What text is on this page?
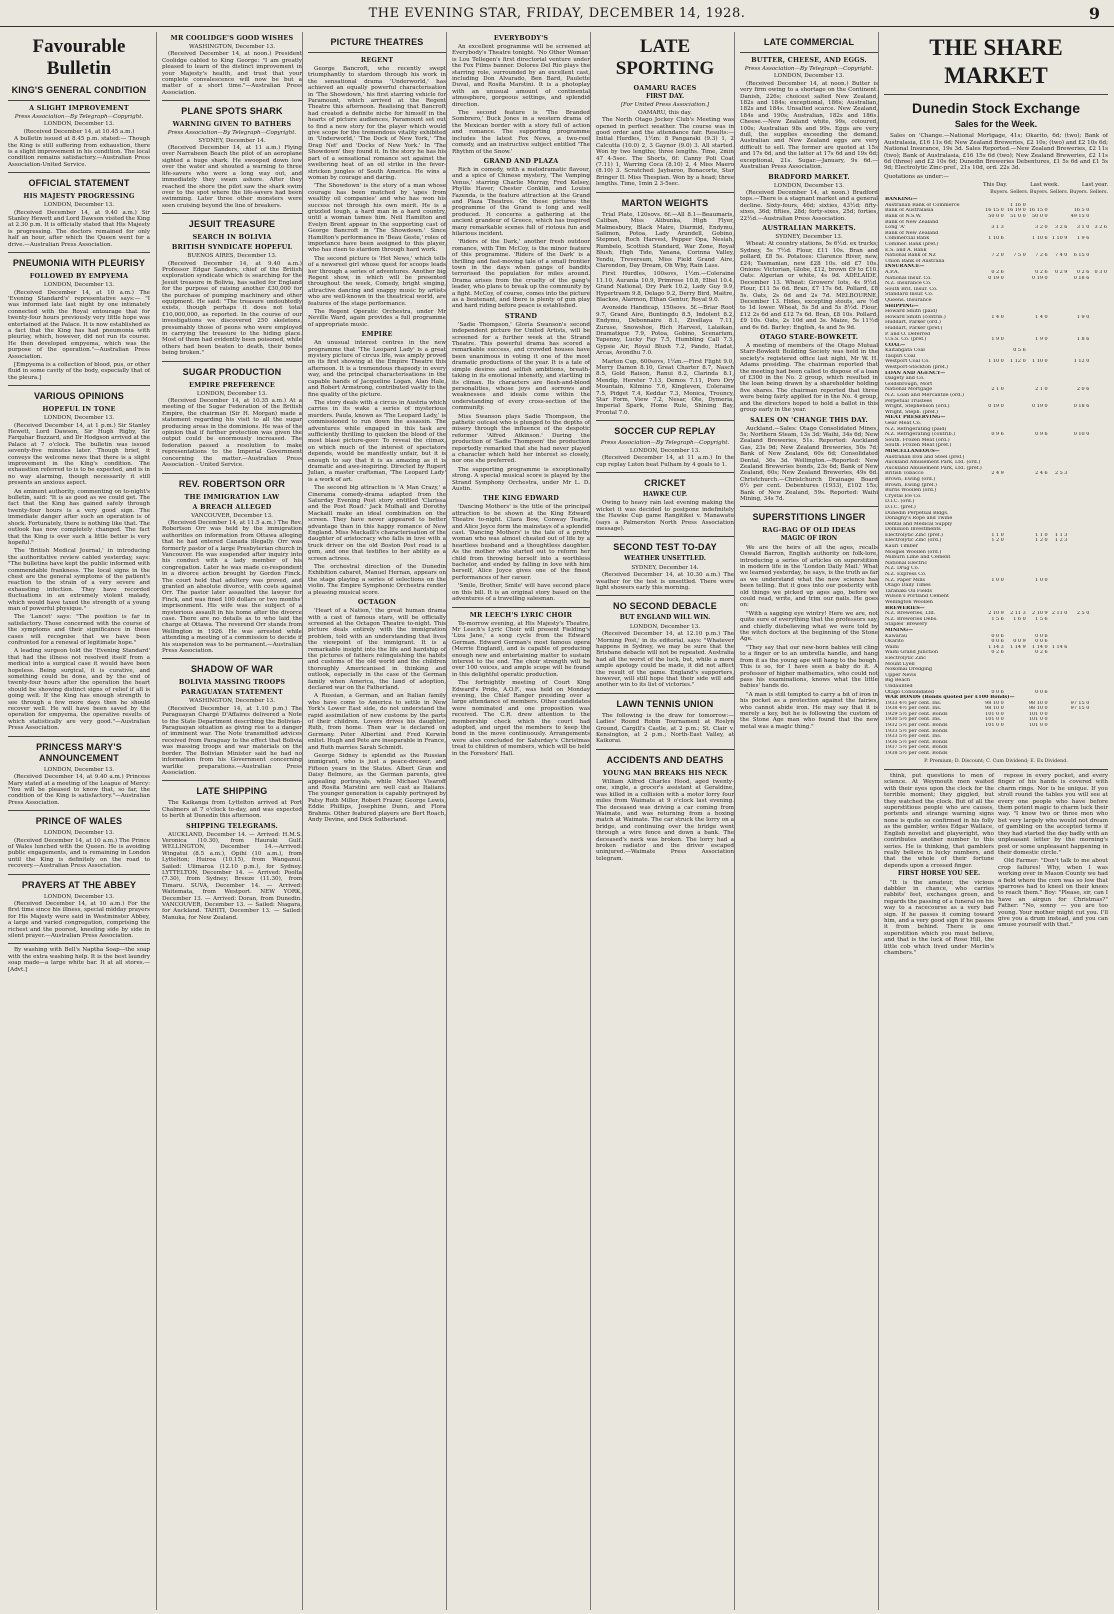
THE EVENING STAR, FRIDAY, DECEMBER 14, 1928.	9
Favourable Bulletin
KING'S GENERAL CONDITION
A SLIGHT IMPROVEMENT
Press Association—By Telegraph—Copyright.
LONDON, December 13.
(Received December 14, at 10.45 a.m.)

A bulletin issued at 8.45 p.m. stated:— Though the King is still suffering from exhaustion, there is a slight improvement in his condition. The local condition remains satisfactory.—Australian Press Association-United Service.

OFFICIAL STATEMENT
HIS MAJESTY PROGRESSING
LONDON, December 13.

(Received December 14, at 9.40 a.m.) Sir Stanley Hewett and Lord Dawson visited the King at 2.30 p.m. It is officially stated that His Majesty is progressing. The doctors remained for only half an hour, after which the Queen went for a drive.—Australian Press Association.

PNEUMONIA WITH PLEURISY
FOLLOWED BY EMPYEMA
LONDON, December 13.

(Received December 14, at 10 a.m.) The 'Evening Standard's' representative says:— "I was informed late last night by one intimately connected with the Royal entourage that for twenty-four hours previously very little hope was entertained at the Palace. It is now established as a fact that the King has had pneumonia with pleurisy, which, however, did not run its course. He then developed empyema, which was the purpose of the operation."—Australian Press Association.

[Empyema is a collection of blood, pus, or other fluid in some cavity of the body, especially that of the pleura.]

VARIOUS OPINIONS
HOPEFUL IN TONE
LONDON, December 13.

(Received December 14, at 1 p.m.) Sir Stanley Hewett, Lord Dawson, Sir Hugh Rigby, Sir Farquhar Buzzard, and Dr Hodgson arrived at the Palace at 7 o'clock. The bulletin was issued seventy-five minutes later. Though brief, it conveys the welcome news that there is a slight improvement in the King's condition. The exhaustion referred to is to be expected, and is in no way alarming, though necessarily it still presents an anxious aspect.

An eminent authority, commenting on to-night's bulletin, said: "It is as good as we could get. The fact that the King has gained safely through twenty-four hours is a very good sign. The immediate danger after such an operation is of shock. Fortunately, there is nothing like that. The outlook has now completely changed. The fact that the King is over such a little better is very hopeful."

The 'British Medical Journal,' in introducing the authoritative review cabled yesterday, says: "The bulletins have kept the public informed with commendable frankness. The local signs in the chest are the general symptoms of the patient's reaction to the strain of a very severe and exhausting infection. They have recorded fluctuations in an extremely violent malady, which would have taxed the strength of a young man of powerful physique."

The 'Lancet' says: "The position is far in satisfactory. Those concerned with the course of the symptoms and their significance in these cases will recognise that we have been confronted for a renewal of legitimate hope."

A leading surgeon told the 'Evening Standard' that had the illness not resolved itself from a medical into a surgical case it would have been hopeless. Being surgical, it is curative, and something could be done, and by the end of twenty-four hours after the operation the heart should be showing distinct signs of relief if all is going well. If the King has enough strength to see through a few more days then he should recover well. He will have been saved by the operation for empyema, the operative results of which statistically are very good."—Australian Press Association.

PRINCESS MARY'S ANNOUNCEMENT
LONDON, December 13.

(Received December 14, at 9.40 a.m.) Princess Mary stated at a meeting of the League of Mercy: "You will be pleased to know that, so far, the condition of the King is satisfactory."—Australian Press Association.

PRINCE OF WALES
LONDON, December 13.

(Received December 14, at 10 a.m.) The Prince of Wales lunched with the Queen. He is avoiding public engagements, and is remaining in London until the King is definitely on the road to recovery.—Australian Press Association.

PRAYERS AT THE ABBEY
LONDON, December 13.

(Received December 14, at 10 a.m.) For the first time since his illness, special midday prayers for His Majesty were said in Westminster Abbey, a large and varied congregation, comprising the richest and the poorest, kneeling side by side in silent prayer.—Australian Press Association.

By washing with Bell's Naptha Soap—the soap with the extra washing help. It is the best laundry soap made—a large white bar. It at all stores.—[Advt.]

MR COOLIDGE'S GOOD WISHES
WASHINGTON, December 13.

(Received December 14, at noon.) President Coolidge cabled to King George: "I am greatly pleased to learn of the distinct improvement in your Majesty's health, and trust that your complete convalescence will now be but a matter of a short time."—Australian Press Association.

PLANE SPOTS SHARK
WARNING GIVEN TO BATHERS
Press Association—By Telegraph—Copyright.
SYDNEY, December 14.

(Received December 14, at 11 a.m.) Flying over Narrabeen Beach the pilot of an aeroplane sighted a huge shark. He swooped down low over the water and shouted a warning to three life-savers who were a long way out, and immediately they swam ashore. After they reached the shore the pilot saw the shark swim over to the spot where the life-savers had been swimming. Later three other monsters were seen cruising beyond the line of breakers.

JESUIT TREASURE
SEARCH IN BOLIVIA
BRITISH SYNDICATE HOPEFUL
BUENOS AIRES, December 13.

(Received December 14, at 9.40 a.m.) Professor Edgar Sanders, chief of the British exploration syndicate which is searching for the Jesuit treasure in Bolivia, has sailed for England for the purpose of raising another £30,000 for the purchase of pumping machinery and other equipment. He said: "The treasure undoubtedly exists, though perhaps it does not total £10,000,000, as reported. In the course of our investigations we discovered 250 skeletons, presumably those of peons who were employed in carrying the treasure to the hiding place. Most of them had evidently been poisoned, while others had been beaten to death, their bones being broken."

SUGAR PRODUCTION
EMPIRE PREFERENCE
LONDON, December 13.

(Received December 14, at 10.35 a.m.) At a meeting of the Sugar Federation of the British Empire, the chairman (Sir H. Morgan) made a statement regarding his visit to all the sugar producing areas in the dominions. He was of the opinion that if further protection was given the output could be enormously increased. The federation passed a resolution to make representations to the Imperial Government concerning the matter.—Australian Press Association - United Service.

REV. ROBERTSON ORR
THE IMMIGRATION LAW
A BREACH ALLEGED
VANCOUVER, December 13.

(Received December 14, at 11.5 a.m.) The Rev. Robertson Orr was held by the immigration authorities on information from Ottawa alleging that he had entered Canada illegally. Orr was formerly pastor of a large Presbyterian church in Vancouver. He was suspended after inquiry into his conduct with a lady member of his congregation. Later he was made co-respondent in a divorce action brought by Gordon Finck. The court held that adultery was proved, and granted an absolute divorce, with costs against Orr. The pastor later assaulted the lawyer for Finck, and was fined 100 dollars or two months' imprisonment. His wife was the subject of a mysterious assault in his home after the divorce case. There are no details as to who laid the charge at Ottawa. The reverend Orr stands from Wellington in 1926. He was arrested while attending a meeting of a commission to decide if his suspension was to be permanent.—Australian Press Association.

SHADOW OF WAR
BOLIVIA MASSING TROOPS
PARAGUAYAN STATEMENT
WASHINGTON, December 13.

(Received December 14, at 1.10 p.m.) The Paraguayan Chargé D'Affaires delivered a Note to the State Department describing the Bolivian-Paraguayan situation as giving rise to a danger of imminent war. The Note transmitted advices received from Paraguay to the effect that Bolivia was massing troops and war materials on the border. The Bolivian Minister said he had no information from his Government concerning warlike preparations.—Australian Press Association.

LATE SHIPPING

The Kaikanga from Lyttelton arrived at Port Chalmers at 7 o'clock to-day, and was expected to berth at Dunedin this afternoon.

SHIPPING TELEGRAMS.

AUCKLAND, December 14. — Arrived: H.M.S. Veronica (10.30), from Hauraki Gulf. WELLINGTON, December 14.—Arrived: Wingatui (8.5 a.m.), Opihi (10 a.m.), from Lyttelton; Huiroa (10.15), from Wanganui. Sailed: Ulimaroa (12.10 p.m.), for Sydney. LYTTELTON, December 14. — Arrived: Poolta (7.30), from Sydney; Breeze (11.30), from Timaru. SUVA, December 14. — Arrived: Waitemata, from Westport. NEW YORK, December 13. — Arrived: Doran, from Dunedin. VANCOUVER, December 13. — Sailed: Niagara, for Auckland. TAHITI, December 13. — Sailed: Manuka, for New Zealand.

PICTURE THEATRES
REGENT

George Bancroft, who recently swept triumphantly to stardom through his work in the sensational drama 'Underworld,' has achieved an equally powerful characterisation in 'The Showdown,' his first starring vehicle for Paramount, which arrived at the Regent Theatre this afternoon. Realising that Bancroft had created a definite niche for himself in the hearts of picture audiences, Paramount set out to find a new story for the player which would give scope for the tremendous vitality exhibited in 'Underworld,' 'The Dock of New York,' 'The Drag Net' and 'Docks of New York.' In 'The Showdown' they found it. In the story he has his part of a sensational romance set against the sweltering heat of an oil strike in the fever-stricken jungles of South America. He wins a woman by courage and daring.

'The Showdown' is the story of a man whose courage has been matched by 'apes from wealthy oil companies' and who has won his success not through his own merit. He is a grizzled tough, a hard man in a hard country, until a woman tames him. Neil Hamilton and Evelyn Brent appear in the supporting cast of George Bancroft in 'The Showdown.' Since Hamilton's performance in 'Beau Geste,' roles of importance have been assigned to this player, who has risen to stardom through hard work.

The second picture is 'Hot News,' which tells of a newsreel girl whose quest for scoops leads her through a series of adventures. Another big Regent show, in which will be presented throughout the week, Comedy, bright singing, attractive dancing and snappy music by artists who are well-known in the theatrical world, are features of the stage performance.

The Regent Operatic Orchestra, under Mr Neville Ward, again provides a full programme of appropriate music.

EMPIRE

An unusual interest centres in the new programme that 'The Leopard Lady' is a great mystery picture of circus life, was amply proved on its first showing at the Empire Theatre this afternoon. It is a tremendous rhapsody in every way, and the principal characterisations in the capable hands of Jacqueline Logan, Alan Hale, and Robert Armstrong, contributed vastly to the fine quality of the picture.

The story deals with a circus in Austria which carries in its wake a series of mysterious murders. Paula, known as 'The Leopard Lady,' is commissioned to run down the assassin. The adventures while engaged in this task are sufficiently thrilling to quicken the blood of the most blasé picture-goer. To reveal the climax, on which much of the interest of spectators depends, would be manifestly unfair, but it is enough to say that it is as amazing as it is dramatic and awe-inspiring. Directed by Rupert Julian, a master craftsman, 'The Leopard Lady' is a work of art.

The second big attraction is 'A Man Crazy,' a Cinerama comedy-drama adapted from the Saturday Evening Post story entitled 'Clarissa and the Post Road.' Jack Mulhall and Dorothy Mackaill make an ideal combination on the screen. They have never appeared to better advantage than in this happy romance of New England. Miss Mackaill's characterisation of the daughter of aristocracy who falls in love with a truck driver on the old Boston Post road is a gem, and one that testifies to her ability as a screen actress.

The orchestral direction of the Dunedin Exhibition cabaret, Manuel Hernan, appears on the stage playing a series of selections on the violin. The Empire Symphonic Orchestra render a pleasing musical score.

OCTAGON

'Heart of a Nation,' the great human drama with a cast of famous stars, will be officially screened at the Octagon Theatre to-night. This picture deals entirely with the immigration problem, told with an understanding that lives the viewpoint of the immigrant. It is a remarkable insight into the life and hardship of the pictures of fathers relinquishing the habits and customs of the old world and the children thoroughly Americanised in thinking and outlook, especially in the case of the German family when America, the land of adoption, declared war on the Fatherland.

A Russian, a German, and an Italian family who have come to America to settle in New York's Lower East side, do not understand the rapid assimilation of new customs by the parts of their children. Lovers drives his daughter, Ruth, from home. Then war is declared on Germany. Peter Albertini and Fred Kerwin enlist. Hugh and Pete are inseparable in France, and Ruth marries Sarah Schmidt.

George Sidney is splendid as the Russian immigrant, who is just a peace-dresser, and Fifteen years in the States. Albert Gran and Daisy Belmore, as the German parents, give appealing portrayals, while Michael Visaroff and Rosita Marstini are well cast as Italians. The younger generation is capably portrayed by Patsy Ruth Miller, Robert Frazer, George Lewis, Eddie Phillips, Josephine Dunn, and Flora Brahms. Other featured players are Bert Roach, Andy Devine, and Dick Sutherland.

EVERYBODY'S

An excellent programme will be screened at Everybody's Theatre tonight. 'No Other Woman' is Lou Tellegen's first directorial venture under the Fox Films banner. Dolores Del Rio plays the starring role, surrounded by an excellent cast, including Don Alvarado, Ben Bard, Paulette Duval, and Rosita Marstini. It is a photoplay with an unusual amount of continental atmosphere, gorgeous settings, and splendid direction.

The second feature is 'The Branded Sombrero,' Buck Jones in a western drama of the Mexican border with a story full of action and romance. The supporting programme includes the latest Fox News, a two-reel comedy, and an instructive subject entitled 'The Rhythm of the Snow.'

GRAND AND PLAZA

Rich in comedy, with a melodramatic flavour, and a spice of Chinese mystery, 'The Vamping Venus,' starring Charlie Murray, Fred Kelsey, Phyllis Haver, Chester Conklin, and Louise Fazenda, is the feature attraction at the Grand and Plaza Theatres. On these pictures the programme of the Grand is long and well produced. It concerns a gathering at the ancient grandeur of Greece, which has inspired many remarkable scenes full of riotous fun and hilarious incident.

'Riders of the Dark,' another fresh outdoor romance, with Tim McCoy, is the minor feature of this programme. 'Riders of the Dark' is a thrilling and fast-moving tale of a small frontier town in the days when gangs of bandits terrorised the population for miles around. Drama arises from the cruelty of the gang's leader, who plans to break up the community by a fight. McCoy, of course, comes into the picture as a lieutenant, and there is plenty of gun play and hard riding before peace is established.

STRAND

'Sadie Thompson,' Gloria Swanson's second independent picture for United Artists, will be screened for a further week at the Strand Theatre. This powerful drama has scored a remarkable success, and crowded houses have been unanimous in voting it one of the most dramatic productions of the year. It is a tale of simple desires and selfish ambitions, breath-taking in its emotional intensity, and startling in its climax. Its characters are flesh-and-blood personalities, whose joys and sorrows and weaknesses and ideals come within the understanding of every cross-section of the community.

Miss Swanson plays Sadie Thompson, the pathetic outcast who is plunged to the depths of misery through the influence of the despotic reformer 'Alfred Atkinson.' During the production of 'Sadie Thompson' the production reportedly remarked that she had never played a character which held her interest so closely, nor one she preferred.

The supporting programme is exceptionally strong. A special musical score is played by the Strand Symphony Orchestra, under Mr L. D. Austin.

THE KING EDWARD

'Dancing Mothers' is the title of the principal attraction to be shown at the King Edward Theatre to-night. Clara Bow, Conway Tearle, and Alice Joyce form the mainstays of a splendid cast. 'Dancing Mothers' is the tale of a pretty woman who was almost cheated out of life by a heartless husband and a thoughtless daughter. As the mother who started out to reform her child from throwing herself into a worthless bachelor, and ended by falling in love with him herself, Alice Joyce gives one of the finest performances of her career.

'Smile, Brother, Smile' will have second place on this bill. It is an original story based on the adventures of a travelling salesman.

MR LEECH'S LYRIC CHOIR

To-morrow evening, at His Majesty's Theatre, Mr Leech's Lyric Choir will present Fielding's 'Liza Jane,' a song cycle from the Edward German. Edward German's most famous opera (Merrie England), and is capable of producing enough new and entertaining matter to sustain interest to the end. The choir strength will be over 100 voices, and ample scope will be found in this delightful operatic production.

The fortnightly meeting of Court King Edward's Pride, A.O.F., was held on Monday evening, the Chief Ranger presiding over a large attendance of members. Other candidates were nominated and one proposition was received. The C.R. drew attention to the membership check which the court had adopted, and urged the members to keep the bond in the move continuously. Arrangements were also concluded for Saturday's Christmas treat to children of members, which will be held in the Foresters' Hall.

LATE SPORTING
OAMARU RACES
FIRST DAY.
[For United Press Association.]
OAMARU, this day.

The North Otago Jockey Club's Meeting was opened in perfect weather. The course was in good order and the attendance fair. Results:— Initial Hurdles, 1½m: 8 Pangaraki (9.3) 1, 2 Calcutta (10.0) 2, 3 Gaynor (9.0) 3. All started. Won by two lengths; three lengths. Time, 2min 47 4-5sec. The Shorts, 6f: Canny Poli Coat (7.11) 1, Warring Coca (8.10) 2, 4 Miss Maero (8.10) 3. Scratched: Jaybaroo, Bonacorte, Star Bringer II. Miss Thespian. Won by a head; three lengths. Time, 1min 2 3-5sec.

MARTON WEIGHTS

Trial Plate, 120sovs. 6f.—All 8.1—Beaumaris, Caliban, Miss Alibunka, High Flyer, Malmesbury, Black Maire, Diarmid, Endymu, Salimon, Potoa, Lady Arundell, Gobino, Stepmet, Roch Harvest, Pepper Opa, Nesiah, Rumbelo, Scottish Standard, War Zone, Royal Blush, High Tide, Yanana, Corinna Valley, Yendu, Treversum, Miss Field Grand Aire, Clarendon, Day Dream, Oh Why, Rain Lass.

First Hurdles, 100sovs, 1½m.—Coleraine 11.10, Aurania 10.9, Primrose 10.8, Elbel 10.4, Grand National, Dry Park 10.2, Lady Guy 9.9, Hypertrasm 9.8, Delago 9.2, Derry Bird, Maitre, Blackee, Alarmon, Ethan Gentur, Royal 9.0.

Avonside Handicap, 150sovs. 5f.—Briar Root 9.7, Grand Aire, Buntingdu 8.5, Indolent 8.2, Endymu, Debonnaire 8.1, Zivellaya 7.11, Zuruse, Snowshoe, Rich Harvest, Lalaikan, Dramatique 7.9, Potoa, Gobino, Scenarium, Yupenny, Lucky Fay 7.5, Humbling Call 7.3, Gypsie Air, Royal Blush 7.2, Pando, Hadat, Arcas, Avondhu 7.0.

Marton Cup, 600sovs, 1¼m.—First Flight 9.0, Merry Damon 8.10, Great Charter 8.7, Nasch 8.5, Gold Raison, Ranui 8.2, Clarinda 8.1, Mendip, Hereter 7.13, Demos 7.11, Poro Dry Mountain, Kilmino 7.6, Kingleven, Coleraine 7.5, Pidget 7.4, Keddar 7.3, Monica, Trouncy, Star Form, View 7.2, Nesar, Ote, Dymeria, Imperial Spark, Home Rule, Shining Bay, Frontal 7.0.

SOCCER CUP REPLAY
Press Association—By Telegraph—Copyright.
LONDON, December 13.

(Received December 14, at 11 a.m.) In the cup replay Luton beat Fulham by 4 goals to 1.

CRICKET
HAWKE CUP.

Owing to heavy rain last evening making the wicket it was decided to postpone indefinitely the Hawke Cup game Rangitikei v. Manawatu (says a Palmerston North Press Association message).

SECOND TEST TO-DAY
WEATHER UNSETTLED.
SYDNEY, December 14.

(Received December 14, at 10.30 a.m.) The weather for the test is unsettled. There were light showers early this morning.

NO SECOND DEBACLE
BUT ENGLAND WILL WIN.
LONDON, December 13.

(Received December 14, at 12.10 p.m.) The 'Morning Post,' in its editorial, says: "Whatever happens in Sydney, we may be sure that the Brisbane debacle will not be repeated. Australia had all the worst of the luck, but, while a more ample apology could be made, it did not affect the result of the game. England's supporters, however, will still hope that their side will add another win to its list of victories."

LAWN TENNIS UNION

The following is the draw for tomorrow:— Ladies' Round Robin Tournament at Roslyn Ground, Cargill's Castle, at 2 p.m.; St. Clair v. Kensington, at 2 p.m.; North-East Valley, at Kaikorai.

ACCIDENTS AND DEATHS
YOUNG MAN BREAKS HIS NECK

William Alfred Charles Hood, aged twenty-one, single, a grocer's assistant at Geraldine, was killed in a collision with a motor lorry four miles from Waimate at 9 o'clock last evening. The deceased was driving a car coming from Waimate, and was returning from a boxing match at Waimate. The car struck the lorry on a bridge, and continuing over the bridge went through a wire fence and down a bank. The deceased's neck was broken. The lorry had a broken radiator and the driver escaped uninjured.—Waimate Press Association telegram.

LATE COMMERCIAL
BUTTER, CHEESE, AND EGGS.
Press Association—By Telegraph—Copyright.
LONDON, December 13.

(Received December 14, at noon.) Butter is very firm owing to a shortage on the Continent. Danish, 226s; choicest salted New Zealand, 182s and 184s; exceptional, 186s; Australian, 182s and 184s. Unsalted scarce. New Zealand, 184s and 190s; Australian, 182s and 186s. Cheese.—New Zealand white, 99s, coloured, 100s; Australian 98s and 99s. Eggs are very dull, the supplies exceeding the demand. Australian and New Zealand eggs are very difficult to sell. The former are quoted at 15s and 17s 6d, and the latter at 17s 6d and 19s 6d; exceptional, 21s. Sugar.—January, 9s 6d.—Australian Press Association.

BRADFORD MARKET.
LONDON, December 13.

(Received December 14, at noon.) Bradford tops.—There is a stagnant market and a general decline. Sixty-fours, 46d; sixties, 43½d; fifty-sixes, 36d; fifties, 28d; forty-sixes, 25d; forties, 22½d.—Australian Press Association.

AUSTRALIAN MARKETS.
SYDNEY, December 13.

Wheat: At country stations, 5s 6½d. ex trucks; Sydney, 5s 7½d. Flour, £11 10s. Bran and pollard, £8 5s. Potatoes: Clarence River, new, £24; Tasmanian, new £28 10s. old £7 10s. Onions: Victorian, Globe, £12, brown £9 to £10. Oats: Algerian or white, 4s 9d. ADELAIDE, December 13. Wheat: Growers' lots, 4s 9½d. Flour, £11 5s 6d. Bran, £7 17s 6d. Pollard, £8 5s. Oats, 2s 6d and 2s 7d. MELBOURNE, December 13. Hides, excepting stouts, are ½d to 1d lower. Wheat, 5s 5d and 5s 8½d. Flour, £12 2s 6d and £12 7s 6d. Bran, £8 10s. Pollard, £9 10s. Oats, 2s 10d and 3s. Maize, 5s 11½d and 6s 6d. Barley: English, 4s and 5s 9d.

OTAGO STARE-BOWKETT.

A meeting of members of the Otago Mutual Starr-Bowkett Building Society was held in the society's registered office last night, Mr W. H. Adams presiding. The chairman reported that the meeting had been called to dispose of a loan of £300 in the No. 2 group, which resulted in the loan being drawn by a shareholder holding five shares. The chairman reported that three were being fairly applied for in the No. 4 group, and the directors hoped to hold a ballot in this group early in the year.

SALES ON 'CHANGE THIS DAY.

Auckland.—Sales: Otago Consolidated Mines, 5s; Northern Steam, 13s 3d; Waihi, 34s 6d; New Zealand Breweries, 51s. Reported: Auckland Gas, 23s 9d; New Zealand Breweries, 50s 7d; Bank of New Zealand, 60s 6d; Consolidated Dental, 36s 3d. Wellington.—Reported: New Zealand Breweries bonds, 23s 6d; Bank of New Zealand, 60s; New Zealand Breweries, 49s 6d. Christchurch.—Christchurch Drainage Board 6½ per cent. Debentures (1933), £102 15s; Bank of New Zealand, 59s. Reported: Waihi Mining, 34s 7d.

SUPERSTITIONS LINGER
RAG-BAG OF OLD IDEAS
MAGIC OF IRON

We are the heirs of all the ages, recalls Oswald Barron, English authority on folk-lore, introducing a series of articles on superstition in modern life in the 'London Daily Mail.' What we learned yesterday, he says, is the truth as far as we understand what the new science has been telling. But it goes into our posterity with old things we picked up ages ago, before we could read, write, and trim our nails. He goes on:

"With a sagging eye wintry! Here we are, not quite sure of everything that the professors say, and chiefly disbelieving what we were told by the witch doctors at the beginning of the Stone Age.

"They say that our new-born babies will cling to a finger or to an umbrella handle, and hang from it as the young ape will hang to the bough. This is so, for I have seen a baby do it. A professor of higher mathematics, who could not pass his examinations, knows what the little babies' hands do.

"A man is still tempted to carry a bit of iron in his pocket as a protection against the fairies, who cannot abide iron. He may say that it is merely a key, but he is following the custom of the Stone Age man who found that the new metal was a magic thing."

THE SHARE MARKET
Dunedin Stock Exchange
Sales for the Week.

Sales on 'Change.—National Mortgage, 41s; Okarito, 6d; (two); Bank of Australasia, £16 11s 6d; New Zealand Breweries, £2 10s; (two) and £2 10s 6d; National Insurance, 19s 3d. Sales Reported.—New Zealand Breweries, £2 11s (two); Bank of Australasia, £16 15s 6d (two); New Zealand Breweries, £2 11s 6d (three) and £2 10s 6d; Dunedin Breweries Debentures, £1 5s 6d and £1 5s 9d; Electrolytic Zinc-pref., 21s 10d, ord. 22s 3d.

Quotations as under:—
This Day.	Last week.	Last year.
Buyers. Sellers. Buyers. Sellers. Buyers. Sellers.
BANKING—						
Australian Bank of Commerce		1 16 0				
Bank of Australasia	16 15 0	16 19 0	16 15 0		16 5 0	
Bank of N.S.W.	50 0 0	51 0 0	50 0 0		49 15 0	
Bank of New Zealand						
Long 'A'	3 1 3		3 2 0	3 2 6	3 1 0	3 2 6
Bank of New Zealand						
Commercial Bank	1 10 6		1 10 6	1 10 9	1 9 6	
Commer. Bank (pref.)						
E.S. and A. Bank						
National Bank of NZ	7 2 0	7 5 0	7 2 6	7 4 0	6 15 0	
Union Bank of Australia						
INSURANCE—						
A.P.A.	0 2 6		0 2 6	0 2 9	0 2 6	0 3 0
National Insur. Co.	0 19 0		0 19 0		0 18 6	
N.Z. Insurance Co.						
South Brit. Insur. Co.						
Standard Insur. Co.						
Queens. Insurance						
SHIPPING—						
Howard Smith (paid)						
Howard Smith (contrib.)	1 4 0		1 4 0		1 9 0	
Huddart, Parker (ord.)						
Huddart, Parker (pref.)						
P. and O. Deferred						
U.S.S. Co. (pref.)	1 9 0		1 9 0		1 8 6	
COAL—						
Kaitangata Coal		0 5 6				
Taupiri Coal						
Westport Coal Co.	1 10 0	1 12 0	1 10 0		1 12 0	
Westport-Stockton (pref.)						
LOAN AND AGENCY—						
Dalgety and Co.						
Goldsbrough, Mort						
National Mortgage	2 1 0		2 1 0		2 0 6	
N.Z. Loan and Mercantile (ord.)						
Perpetual Trustees						
Wright, Stephenson (ord.)	0 19 0		0 19 0		0 18 6	
Wright, Steph. (pref.)						
MEAT PRESERVING—						
Gear Meat Co.						
N.Z. Refrigerating (paid)						
N.Z. Refrigerating (contrib.)	0 9 6		0 9 6		0 10 0	
South. Frozen Meat (ord.)						
South. Frozen Meat (pref.)						
MISCELLANEOUS—						
Australian Iron and Steel (pref.)						
Auckland Amusement Park, Ltd. (ord.)						
Auckland Amusement Park, Ltd. (pref.)						
British Tobacco	2 4 9		2 4 6	2 5 3		
Brown, Ewing (ord.)						
Brown, Ewing (pref.)						
Burns Woollen (ord.)						
Crystal Ice Co.						
D.I.C. (ord.)						
D.I.C. (pref.)						
Dunedin Perpetual Bldgs.						
Donaghy's Rope and Twine						
Dental and Medical Supply						
Dominion Investments						
Electrolytic Zinc (pref.)	1 1 0		1 1 0	1 1 3		
Electrolytic Zinc (ord.)	1 2 0		1 2 0	1 2 3		
Kauri Timber						
Mosgiel Woollen (ord.)						
Milburn Lime and Cement						
National Electric						
N.Z. Drug Co.						
N.Z. Express Co.						
N.Z. Paper Mills	1 0 0		1 0 0			
Otago Daily Times						
Taranaki Oil Fields						
Wilson's Portland Cement						
Wellington Woollen						
BREWERIES—						
N.Z. Breweries, Ltd.	2 10 9	2 11 3	2 10 9	2 11 0	2 5 0	
N.Z. Breweries Debs.	1 5 6	1 6 0	1 5 6			
Staples' Brewery						
MINING—						
Kawarau	0 0 6		0 0 6			
Okarito	0 0 6	0 0 9	0 0 6			
Waihi	1 14 3	1 14 9	1 14 0	1 14 6		
Waihi Grand Junction	0 2 6		0 2 6			
Electrolytic Zinc						
Mount Lyell						
Nokomai Dredging						
Upper Nevis						
Big Beach						
Undaunted						
Otago Consolidated	0 0 6		0 0 6			
WAR BONDS (Bonds quoted per £100 Bonds)—						
1933 4½ per cent. Ins.	98 10 0		98 10 0		97 15 0	
1938 4½ per cent. Ins.	98 10 0		98 10 0		97 15 0	
1929 5½ per cent. Bonds	101 0 0		101 0 0			
1930 5½ per cent. Ins.	101 0 0		101 0 0			
1932 5½ per cent. Bonds	101 0 0		101 0 0			
1933 5½ per cent. Bonds						
1933 5½ per cent. Ins.						
1936 5½ per cent. Bonds						
1937 5½ per cent. Bonds						
1938 5½ per cent. Bonds						
P. Premium; D. Discount; C. Cum Dividend; E. Ex Dividend.

think, put questions to men of science. At Weymouth men waited with their eyes upon the clock for the terrible moment; they giggled, but they watched the clock. But of all the superstitious people who are causes, portents and strange warning signs none is quite so confirmed in his folly as the gambler, writes Edgar Wallace, English novelist and playwright, who contributes another number to this series. He is thinking, that gamblers really believe in lucky numbers, and that the whole of their fortune depends upon a crossed finger.

FIRST HORSE YOU SEE.

"It is the amateur, the vicious dabbler in chance, who carries rabbits' feet, exchanges green, and regards the passing of a funeral on his way to a racecourse as a very bad sign. If he passes it coming toward him, and a very good sign if he passes it from behind. There is one superstition which you must believe, and that is the luck of Rose Hill, the little cob which lived under Merlin's chambers."

repose in every pocket, and every finger of his hands is covered with charm rings. Nor is he unique. If you stroll round the tables you will see at every one people who have before them potent magic to charm luck their way. "I know two or three men who bet very largely who would not dream of gambling on the accepted terms if they had started the day badly with an unpleasant letter by the morning's post or some unpleasant happening in their domestic circle."

Old Farmer: "Don't talk to me about crop failures! Why, when I was working over in Mason County we had a field where the corn was so low that sparrows had to kneel on their knees to reach them." Boy: "Please, sir, can I have an airgun for Christmas?" Father: "No, sonny — you are too young. Your mother might cut you. I'll give you a drum instead, and you can amuse yourself with that."
